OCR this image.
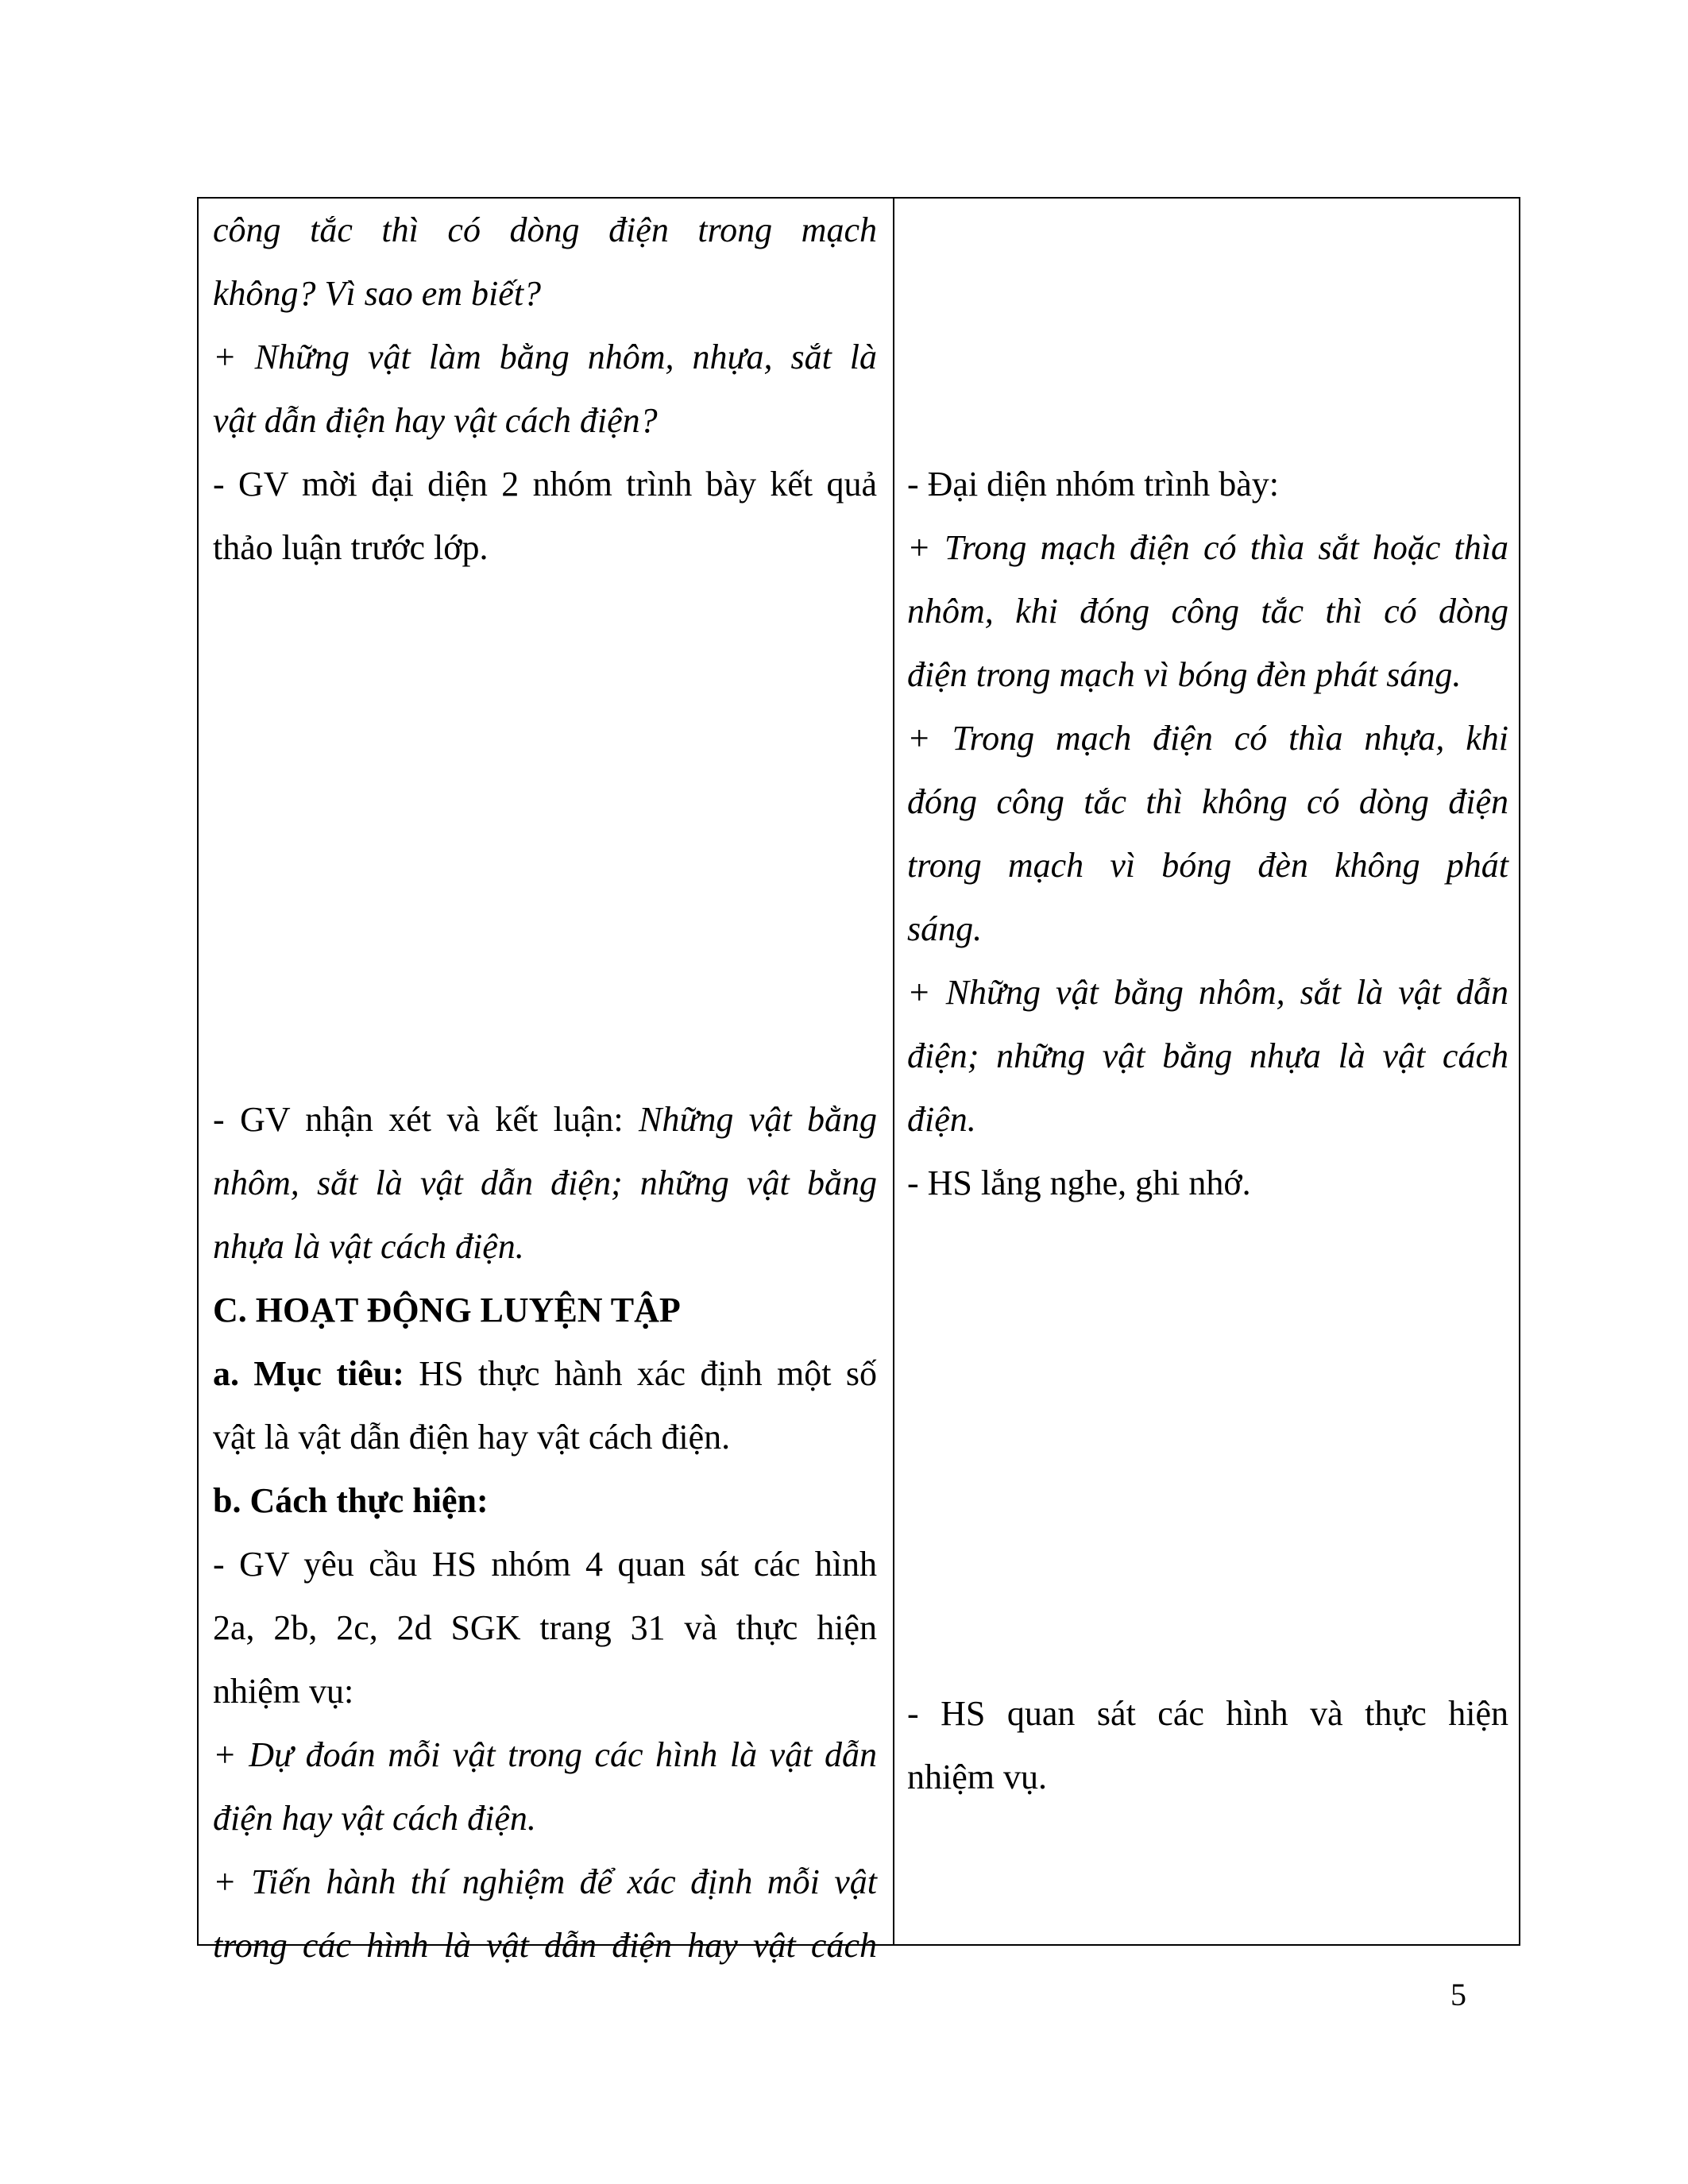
công tắc thì có dòng điện trong mạch
không? Vì sao em biết?
+ Những vật làm bằng nhôm, nhựa, sắt là
vật dẫn điện hay vật cách điện?
- GV mời đại diện 2 nhóm trình bày kết quả
thảo luận trước lớp.
- GV nhận xét và kết luận: Những vật bằng
nhôm, sắt là vật dẫn điện; những vật bằng
nhựa là vật cách điện.
C. HOẠT ĐỘNG LUYỆN TẬP
a. Mục tiêu: HS thực hành xác định một số
vật là vật dẫn điện hay vật cách điện.
b. Cách thực hiện:
- GV yêu cầu HS nhóm 4 quan sát các hình
2a, 2b, 2c, 2d SGK trang 31 và thực hiện
nhiệm vụ:
+ Dự đoán mỗi vật trong các hình là vật dẫn
điện hay vật cách điện.
+ Tiến hành thí nghiệm để xác định mỗi vật
trong các hình là vật dẫn điện hay vật cách
- Đại diện nhóm trình bày:
+ Trong mạch điện có thìa sắt hoặc thìa
nhôm, khi đóng công tắc thì có dòng
điện trong mạch vì bóng đèn phát sáng.
+ Trong mạch điện có thìa nhựa, khi
đóng công tắc thì không có dòng điện
trong mạch vì bóng đèn không phát
sáng.
+ Những vật bằng nhôm, sắt là vật dẫn
điện; những vật bằng nhựa là vật cách
điện.
- HS lắng nghe, ghi nhớ.
- HS quan sát các hình và thực hiện
nhiệm vụ.
5
